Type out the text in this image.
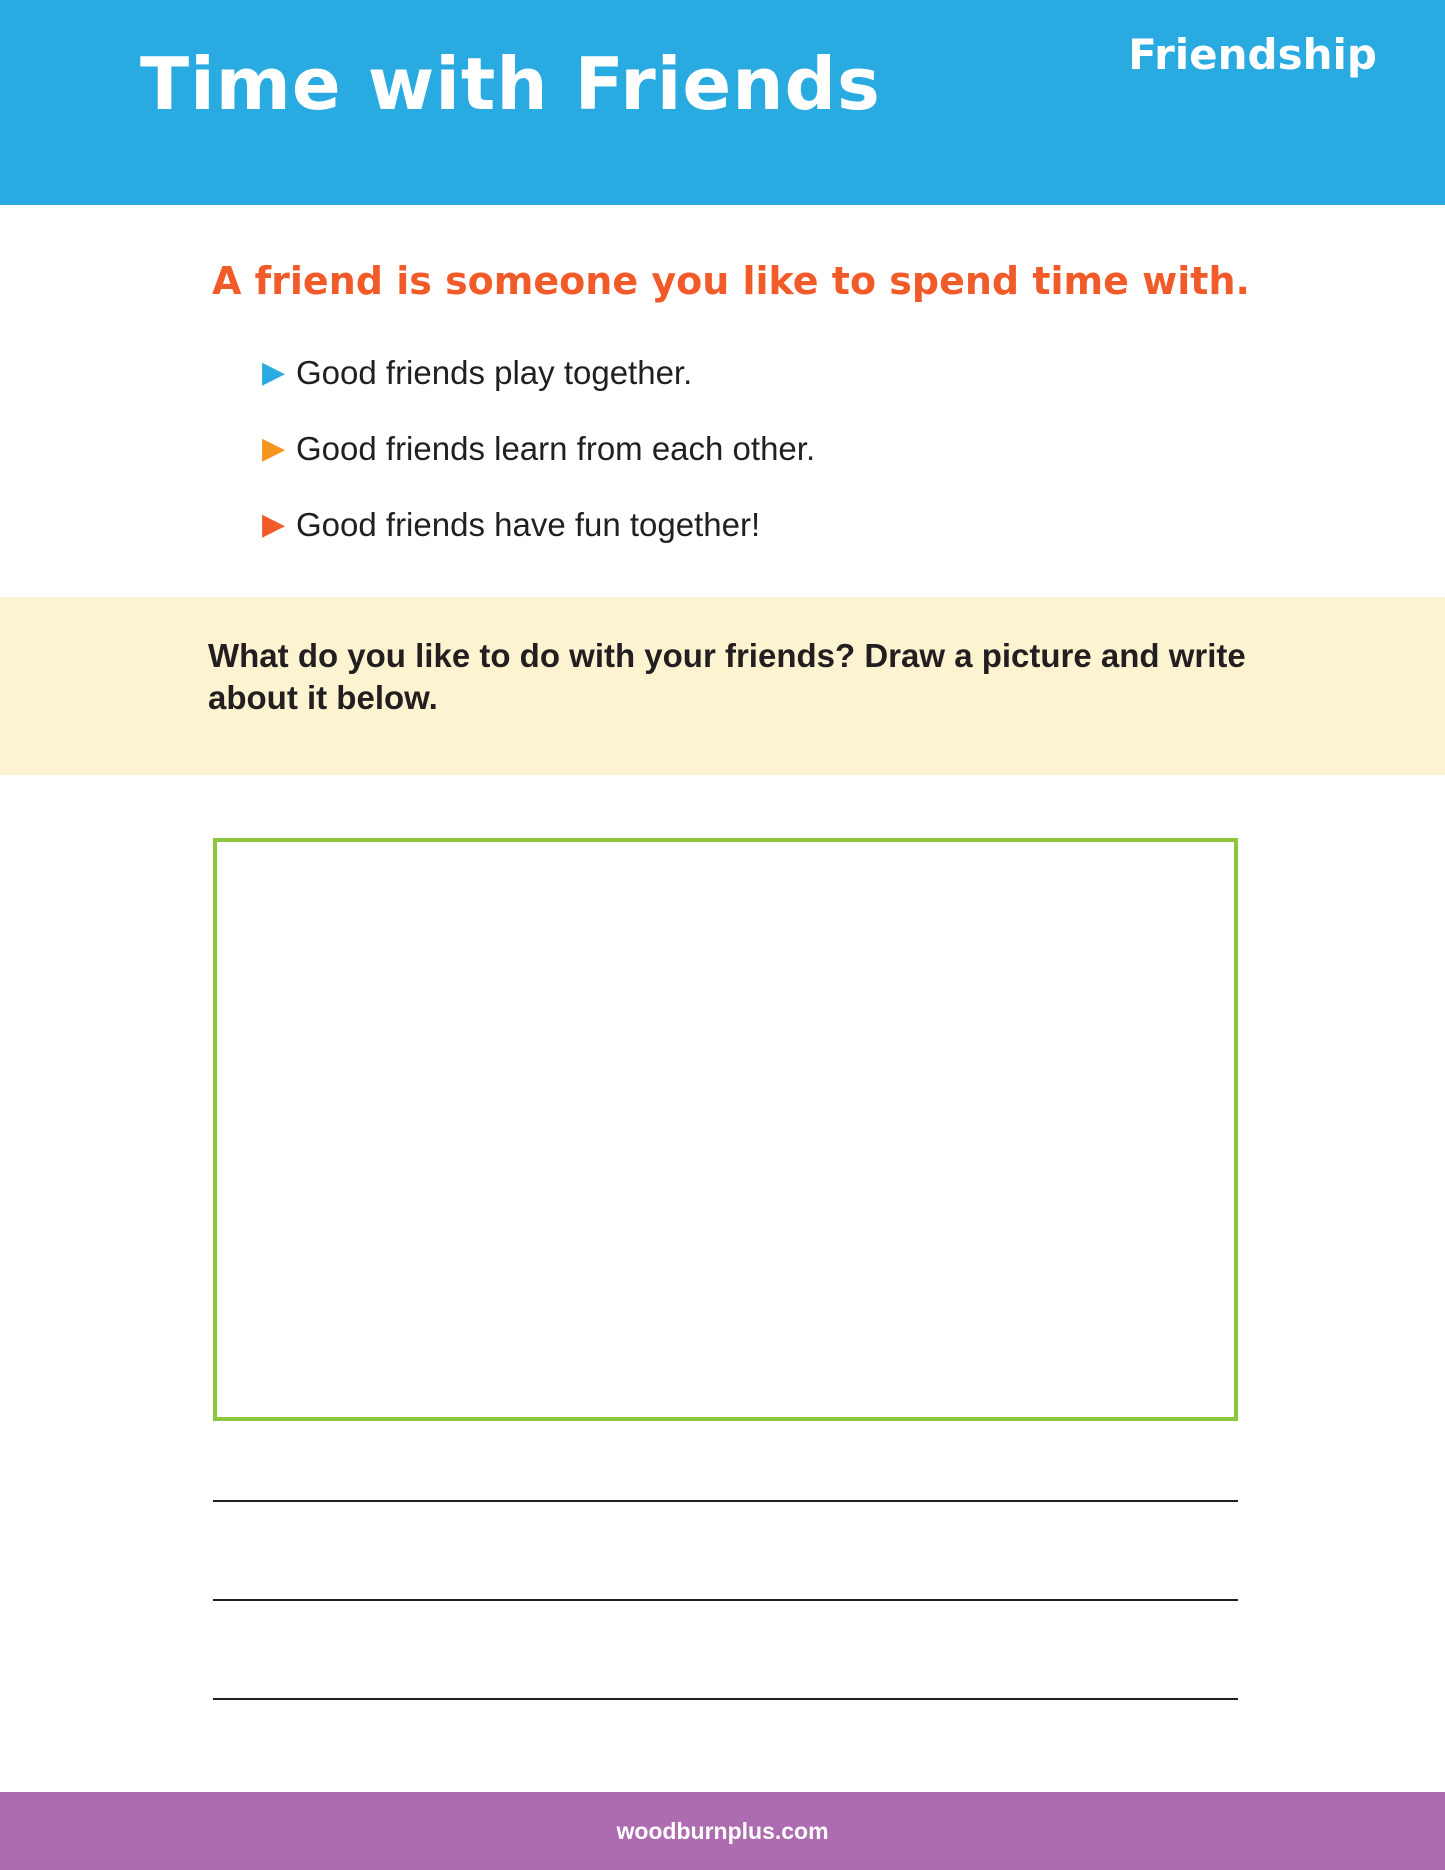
Time with Friends	Friendship
A friend is someone you like to spend time with.
▶ Good friends play together.
▶ Good friends learn from each other.
▶ Good friends have fun together!
What do you like to do with your friends? Draw a picture and write about it below.
woodburnplus.com
